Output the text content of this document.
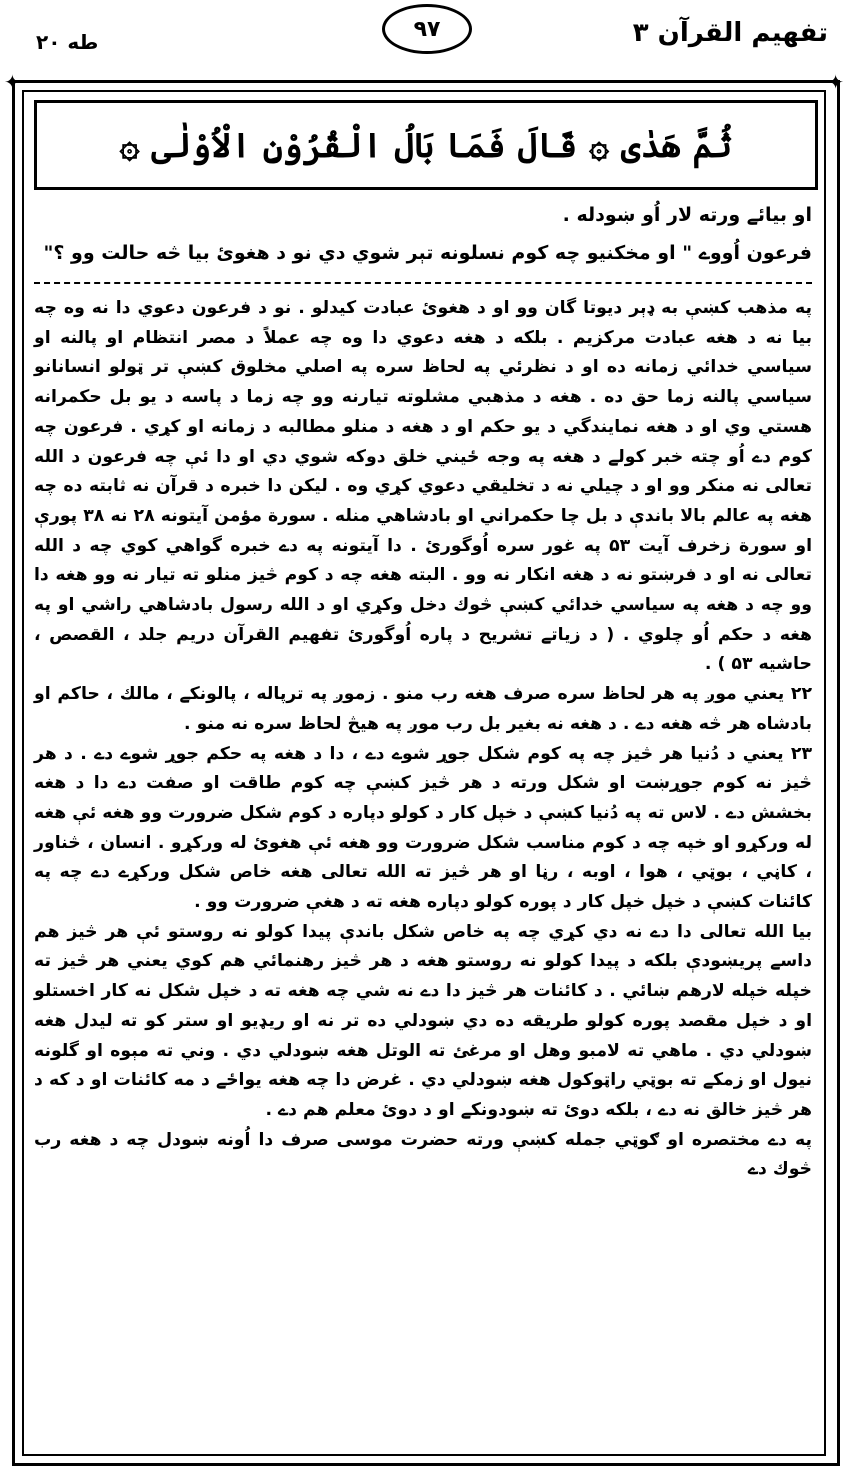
تفهيم القرآن ٣
٩٧
طه ٢٠
✦	✦
ثُمَّ هَدٰى ۞ قَالَ فَمَا بَالُ الْقُرُوْنِ الْاُوْلٰى ۞
او بيائے ورته لار اُو ښودله .
فرعون اُووے " او مخكنيو چه كوم نسلونه تېر شوي دي نو د هغوئ بيا څه حالت وو ؟"

په مذهب كښې به ډېر ديوتا گان وو او د هغوئ عبادت كيدلو . نو د فرعون دعوي دا نه وه چه بيا نه د هغه عبادت مركزيم . بلكه د هغه دعوي دا وه چه عملاً د مصر انتظام او پالنه او سياسي خدائي زمانه ده او د نظرئي په لحاظ سره په اصلي مخلوق كښې تر ټولو انسانانو سياسي پالنه زما حق ده . هغه د مذهبي مشلوته تيارنه وو چه زما د پاسه د يو بل حكمرانه هستي وي او د هغه نمايندگي د يو حكم او د هغه د منلو مطالبه د زمانه او كړي . فرعون چه كوم دے اُو چته خبر كولے د هغه په وجه ځيني خلق دوكه شوي دي او دا ئې چه فرعون د الله تعالى نه منكر وو او د چيلي نه د تخليقي دعوي كړي وه . ليكن دا خبره د قرآن نه ثابته ده چه هغه په عالم بالا باندې د بل چا حكمراني او بادشاهي منله . سورة مؤمن آيتونه ۲۸ نه ۳۸ پورې او سورة زخرف آيت ۵۳ په غور سره اُوگورئ . دا آيتونه په دے خبره گواهي كوي چه د الله تعالى نه او د فرښتو نه د هغه انكار نه وو . البته هغه چه د كوم څيز منلو ته تيار نه وو هغه دا وو چه د هغه په سياسي خدائي كښې څوك دخل وكړي او د الله رسول بادشاهي راشي او په هغه د حكم اُو چلوي . ( د زياتے تشريح د پاره اُوگورئ تفهيم القرآن دريم جلد ، القصص ، حاشيه ۵۳ ) .

۲۲ يعني موږ په هر لحاظ سره صرف هغه رب منو . زموږ په ترپاله ، پالونكے ، مالك ، حاكم او بادشاه هر څه هغه دے . د هغه نه بغير بل رب موږ په هيڅ لحاظ سره نه منو .

۲۳ يعني د دُنيا هر څيز چه په كوم شكل جوړ شوے دے ، دا د هغه په حكم جوړ شوے دے . د هر څيز نه كوم جوړښت او شكل ورته د هر څيز كښې چه كوم طاقت او صفت دے دا د هغه بخشش دے . لاس ته په دُنيا كښې د خپل كار د كولو دپاره د كوم شكل ضرورت وو هغه ئې هغه له وركړو او خپه چه د كوم مناسب شكل ضرورت وو هغه ئې هغوئ له وركړو . انسان ، څناور ، كاڼي ، بوټي ، هوا ، اوبه ، رڼا او هر څيز ته الله تعالى هغه خاص شكل وركړے دے چه په كائنات كښې د خپل خپل كار د پوره كولو دپاره هغه ته د هغې ضرورت وو .

بيا الله تعالى دا دے نه دي كړي چه په خاص شكل باندې پيدا كولو نه روستو ئې هر څيز هم داسے پريښودې بلكه د پيدا كولو نه روستو هغه د هر څيز رهنمائي هم كوي يعني هر څيز ته خپله خپله لارهم ښائي . د كائنات هر څيز دا دے نه شي چه هغه ته د خپل شكل نه كار اخستلو او د خپل مقصد پوره كولو طريقه ده دي ښودلي ده تر نه او ريډيو او ستر كو ته ليدل هغه ښودلي دي . ماهي ته لامبو وهل او مرغئ ته الوتل هغه ښودلي دي . وني ته مېوه او گلونه نيول او زمكے ته بوټي راټوكول هغه ښودلي دي . غرض دا چه هغه يواځے د مه كائنات او د كه د هر څيز خالق نه دے ، بلكه دوئ ته ښودونكے او د دوئ معلم هم دے .

په دے مختصره او ګوټي جمله كښې ورته حضرت موسى صرف دا اُونه ښودل چه د هغه رب څوك دے
